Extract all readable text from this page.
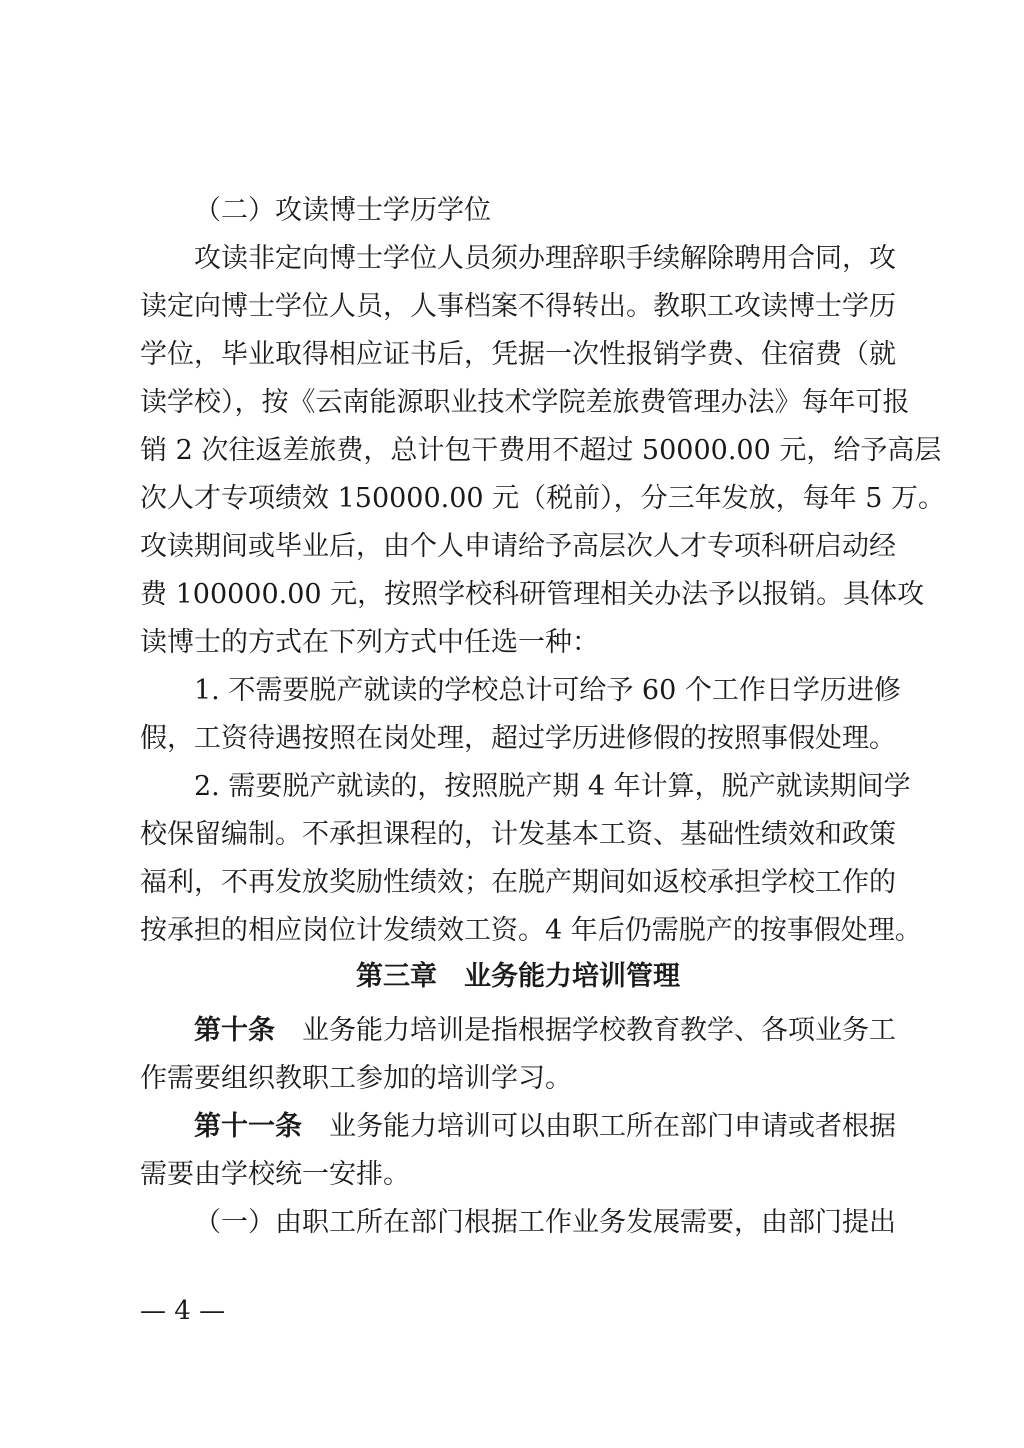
（二）攻读博士学历学位
攻读非定向博士学位人员须办理辞职手续解除聘用合同，攻
读定向博士学位人员，人事档案不得转出。教职工攻读博士学历
学位，毕业取得相应证书后，凭据一次性报销学费、住宿费（就
读学校），按《云南能源职业技术学院差旅费管理办法》每年可报
销 2 次往返差旅费，总计包干费用不超过 50000.00 元，给予高层
次人才专项绩效 150000.00 元（税前），分三年发放，每年 5 万。
攻读期间或毕业后，由个人申请给予高层次人才专项科研启动经
费 100000.00 元，按照学校科研管理相关办法予以报销。具体攻
读博士的方式在下列方式中任选一种：
1. 不需要脱产就读的学校总计可给予 60 个工作日学历进修
假，工资待遇按照在岗处理，超过学历进修假的按照事假处理。
2. 需要脱产就读的，按照脱产期 4 年计算，脱产就读期间学
校保留编制。不承担课程的，计发基本工资、基础性绩效和政策
福利，不再发放奖励性绩效；在脱产期间如返校承担学校工作的
按承担的相应岗位计发绩效工资。4 年后仍需脱产的按事假处理。
第三章　业务能力培训管理
第十条　 业务能力培训是指根据学校教育教学、各项业务工
作需要组织教职工参加的培训学习。
第十一条　 业务能力培训可以由职工所在部门申请或者根据
需要由学校统一安排。
（一）由职工所在部门根据工作业务发展需要，由部门提出
— 4 —
